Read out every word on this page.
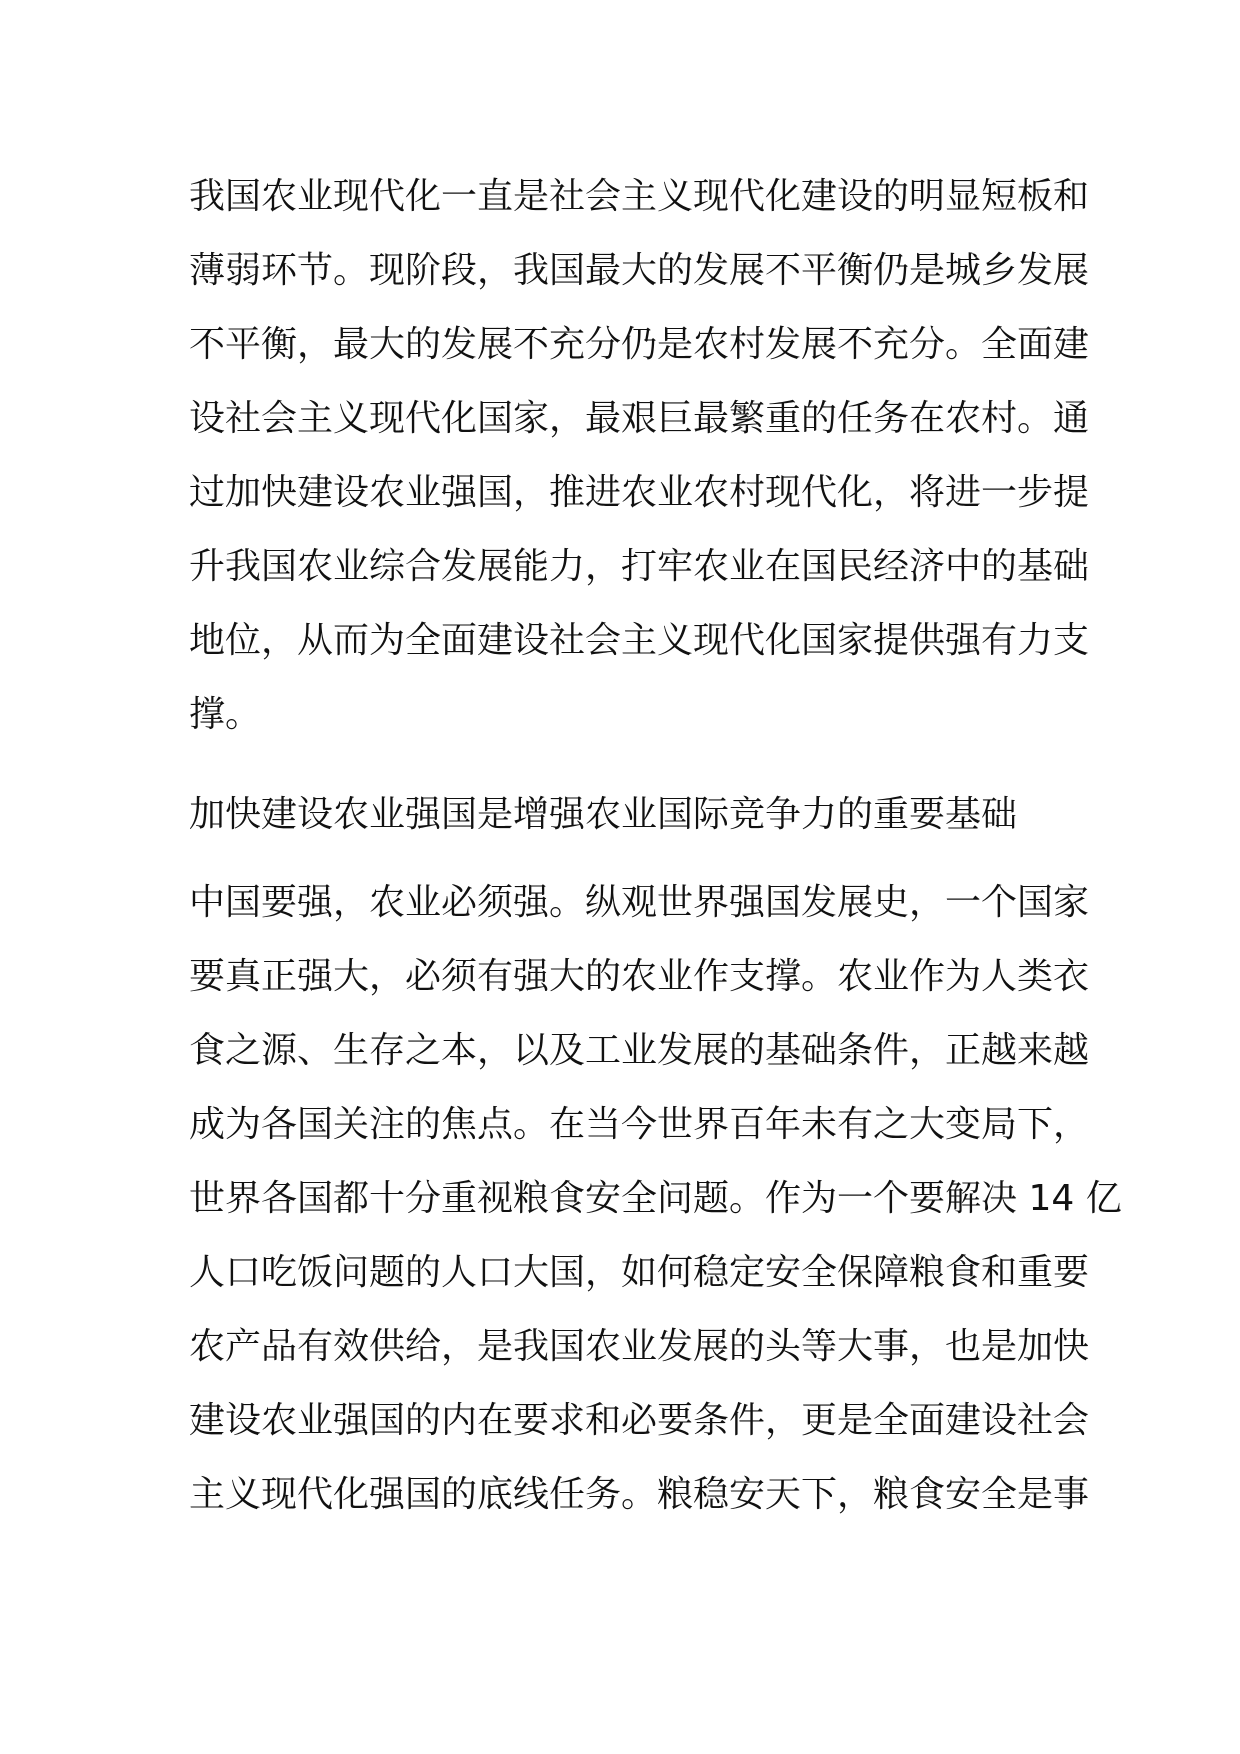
我国农业现代化一直是社会主义现代化建设的明显短板和
薄弱环节。现阶段，我国最大的发展不平衡仍是城乡发展
不平衡，最大的发展不充分仍是农村发展不充分。全面建
设社会主义现代化国家，最艰巨最繁重的任务在农村。通
过加快建设农业强国，推进农业农村现代化，将进一步提
升我国农业综合发展能力，打牢农业在国民经济中的基础
地位，从而为全面建设社会主义现代化国家提供强有力支
撑。
加快建设农业强国是增强农业国际竞争力的重要基础
中国要强，农业必须强。纵观世界强国发展史，一个国家
要真正强大，必须有强大的农业作支撑。农业作为人类衣
食之源、生存之本，以及工业发展的基础条件，正越来越
成为各国关注的焦点。在当今世界百年未有之大变局下，
世界各国都十分重视粮食安全问题。作为一个要解决 14 亿
人口吃饭问题的人口大国，如何稳定安全保障粮食和重要
农产品有效供给，是我国农业发展的头等大事，也是加快
建设农业强国的内在要求和必要条件，更是全面建设社会
主义现代化强国的底线任务。粮稳安天下，粮食安全是事
